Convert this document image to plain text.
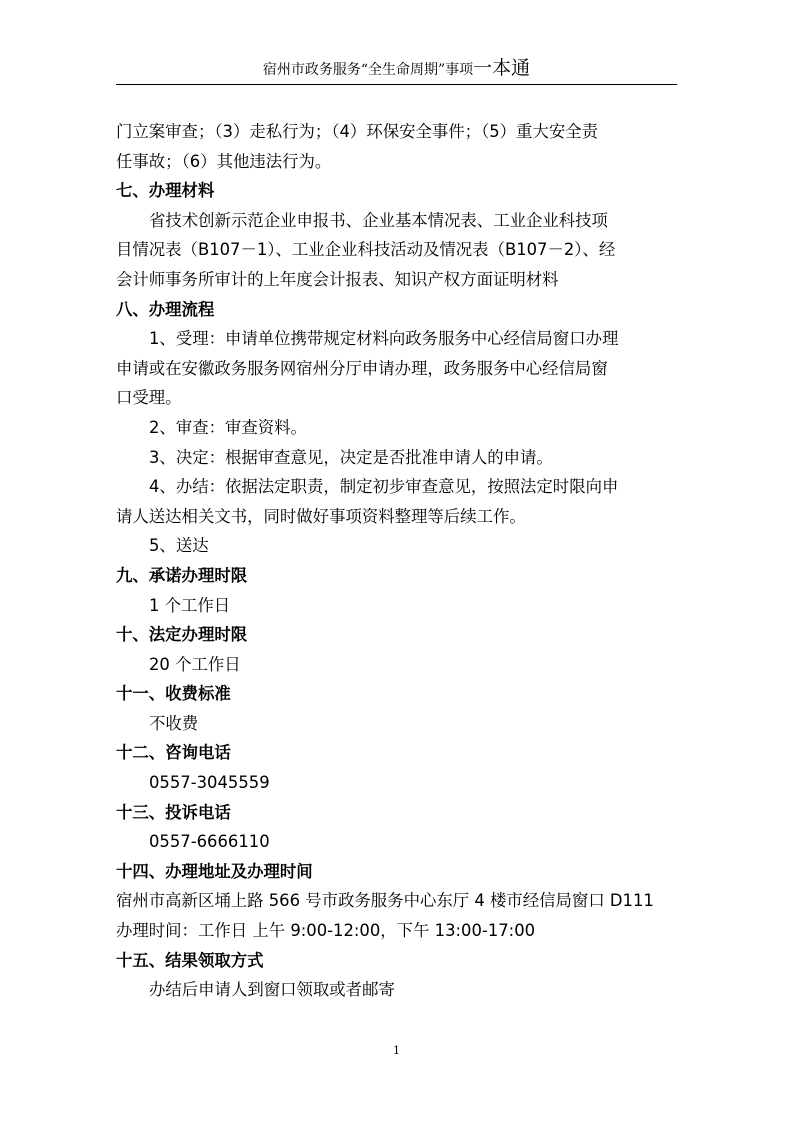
宿州市政务服务“全生命周期”事项一本通
门立案审查；（3）走私行为；（4）环保安全事件；（5）重大安全责
任事故；（6）其他违法行为。
七、办理材料
省技术创新示范企业申报书、企业基本情况表、工业企业科技项
目情况表（B107－1）、工业企业科技活动及情况表（B107－2）、经
会计师事务所审计的上年度会计报表、知识产权方面证明材料
八、办理流程
1、受理：申请单位携带规定材料向政务服务中心经信局窗口办理
申请或在安徽政务服务网宿州分厅申请办理，政务服务中心经信局窗
口受理。
2、审查：审查资料。
3、决定：根据审查意见，决定是否批准申请人的申请。
4、办结：依据法定职责，制定初步审查意见，按照法定时限向申
请人送达相关文书，同时做好事项资料整理等后续工作。
5、送达
九、承诺办理时限
1 个工作日
十、法定办理时限
20 个工作日
十一、收费标准
不收费
十二、咨询电话
0557-3045559
十三、投诉电话
0557-6666110
十四、办理地址及办理时间
宿州市高新区埇上路 566 号市政务服务中心东厅 4 楼市经信局窗口 D111
办理时间：工作日 上午 9:00-12:00，下午 13:00-17:00
十五、结果领取方式
办结后申请人到窗口领取或者邮寄
1
